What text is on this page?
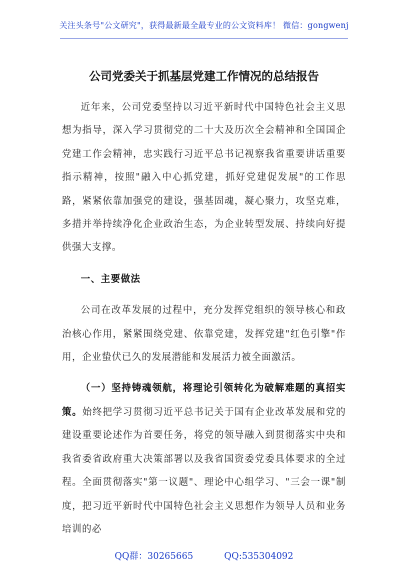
关注头条号"公文研究"，获得最新最全最专业的公文资料库！ 微信：gongwenj
公司党委关于抓基层党建工作情况的总结报告

近年来，公司党委坚持以习近平新时代中国特色社会主义思想为指导，深入学习贯彻党的二十大及历次全会精神和全国国企党建工作会精神，忠实践行习近平总书记视察我省重要讲话重要指示精神，按照"融入中心抓党建，抓好党建促发展"的工作思路，紧紧依靠加强党的建设，强基固魂，凝心聚力，攻坚克难，多措并举持续净化企业政治生态，为企业转型发展、持续向好提供强大支撑。

一、主要做法

公司在改革发展的过程中，充分发挥党组织的领导核心和政治核心作用，紧紧围绕党建、依靠党建，发挥党建"红色引擎"作用，企业蛰伏已久的发展潜能和发展活力被全面激活。

（一）坚持铸魂领航，将理论引领转化为破解难题的真招实策。始终把学习贯彻习近平总书记关于国有企业改革发展和党的建设重要论述作为首要任务，将党的领导融入到贯彻落实中央和我省委省政府重大决策部署以及我省国资委党委具体要求的全过程。全面贯彻落实"第一议题"、理论中心组学习、"三会一课"制度，把习近平新时代中国特色社会主义思想作为领导人员和业务培训的必

QQ群：30265665	QQ:535304092
